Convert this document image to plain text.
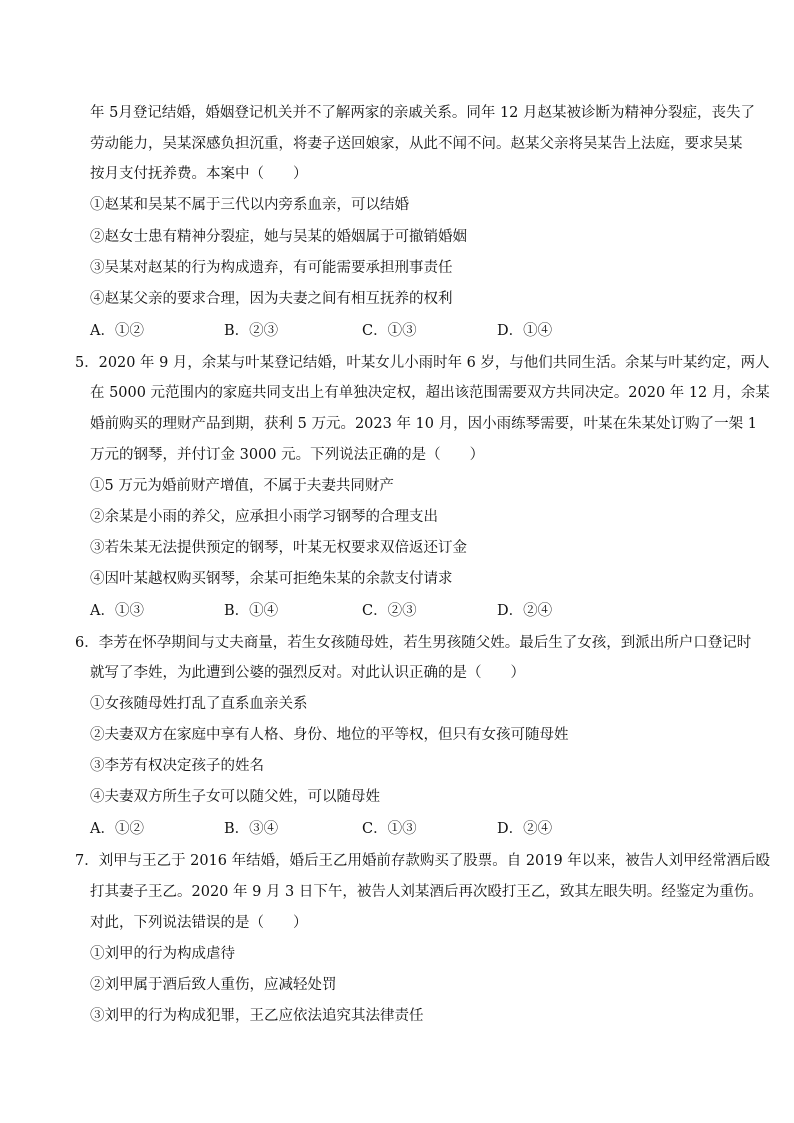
年 5月登记结婚，婚姻登记机关并不了解两家的亲戚关系。同年 12 月赵某被诊断为精神分裂症，丧失了
劳动能力，吴某深感负担沉重，将妻子送回娘家，从此不闻不问。赵某父亲将吴某告上法庭，要求吴某
按月支付抚养费。本案中（　　）
①赵某和吴某不属于三代以内旁系血亲，可以结婚
②赵女士患有精神分裂症，她与吴某的婚姻属于可撤销婚姻
③吴某对赵某的行为构成遗弃，有可能需要承担刑事责任
④赵某父亲的要求合理，因为夫妻之间有相互抚养的权利
A．①②	B．②③	C．①③	D．①④
5．2020 年 9 月，余某与叶某登记结婚，叶某女儿小雨时年 6 岁，与他们共同生活。余某与叶某约定，两人
在 5000 元范围内的家庭共同支出上有单独决定权，超出该范围需要双方共同决定。2020 年 12 月，余某
婚前购买的理财产品到期，获利 5 万元。2023 年 10 月，因小雨练琴需要，叶某在朱某处订购了一架 1
万元的钢琴，并付订金 3000 元。下列说法正确的是（　　）
①5 万元为婚前财产增值，不属于夫妻共同财产
②余某是小雨的养父，应承担小雨学习钢琴的合理支出
③若朱某无法提供预定的钢琴，叶某无权要求双倍返还订金
④因叶某越权购买钢琴，余某可拒绝朱某的余款支付请求
A．①③	B．①④	C．②③	D．②④
6．李芳在怀孕期间与丈夫商量，若生女孩随母姓，若生男孩随父姓。最后生了女孩，到派出所户口登记时
就写了李姓，为此遭到公婆的强烈反对。对此认识正确的是（　　）
①女孩随母姓打乱了直系血亲关系
②夫妻双方在家庭中享有人格、身份、地位的平等权，但只有女孩可随母姓
③李芳有权决定孩子的姓名
④夫妻双方所生子女可以随父姓，可以随母姓
A．①②	B．③④	C．①③	D．②④
7．刘甲与王乙于 2016 年结婚，婚后王乙用婚前存款购买了股票。自 2019 年以来，被告人刘甲经常酒后殴
打其妻子王乙。2020 年 9 月 3 日下午，被告人刘某酒后再次殴打王乙，致其左眼失明。经鉴定为重伤。
对此，下列说法错误的是（　　）
①刘甲的行为构成虐待
②刘甲属于酒后致人重伤，应减轻处罚
③刘甲的行为构成犯罪，王乙应依法追究其法律责任
